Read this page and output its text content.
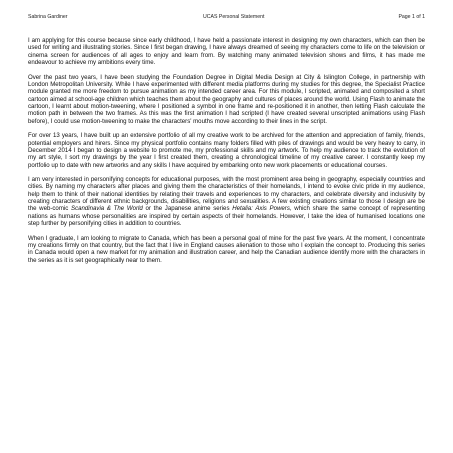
Sabrina Gardiner	UCAS Personal Statement	Page 1 of 1

I am applying for this course because since early childhood, I have held a passionate interest in designing my own characters, which can then be used for writing and illustrating stories. Since I first began drawing, I have always dreamed of seeing my characters come to life on the television or cinema screen for audiences of all ages to enjoy and learn from. By watching many animated television shows and films, it has made me endeavour to achieve my ambitions every time.

Over the past two years, I have been studying the Foundation Degree in Digital Media Design at City & Islington College, in partnership with London Metropolitan University. While I have experimented with different media platforms during my studies for this degree, the Specialist Practice module granted me more freedom to pursue animation as my intended career area. For this module, I scripted, animated and composited a short cartoon aimed at school-age children which teaches them about the geography and cultures of places around the world. Using Flash to animate the cartoon, I learnt about motion-tweening, where I positioned a symbol in one frame and re-positioned it in another, then letting Flash calculate the motion path in between the two frames. As this was the first animation I had scripted (I have created several unscripted animations using Flash before), I could use motion-tweening to make the characters' mouths move according to their lines in the script.

For over 13 years, I have built up an extensive portfolio of all my creative work to be archived for the attention and appreciation of family, friends, potential employers and hirers. Since my physical portfolio contains many folders filled with piles of drawings and would be very heavy to carry, in December 2014 I began to design a website to promote me, my professional skills and my artwork. To help my audience to track the evolution of my art style, I sort my drawings by the year I first created them, creating a chronological timeline of my creative career. I constantly keep my portfolio up to date with new artworks and any skills I have acquired by embarking onto new work placements or educational courses.

I am very interested in personifying concepts for educational purposes, with the most prominent area being in geography, especially countries and cities. By naming my characters after places and giving them the characteristics of their homelands, I intend to evoke civic pride in my audience, help them to think of their national identities by relating their travels and experiences to my characters, and celebrate diversity and inclusivity by creating characters of different ethnic backgrounds, disabilities, religions and sexualities. A few existing creations similar to those I design are be the web-comic Scandinavia & The World or the Japanese anime series Hetalia: Axis Powers, which share the same concept of representing nations as humans whose personalities are inspired by certain aspects of their homelands. However, I take the idea of humanised locations one step further by personifying cities in addition to countries.

When I graduate, I am looking to migrate to Canada, which has been a personal goal of mine for the past five years. At the moment, I concentrate my creations firmly on that country, but the fact that I live in England causes alienation to those who I explain the concept to. Producing this series in Canada would open a new market for my animation and illustration career, and help the Canadian audience identify more with the characters in the series as it is set geographically near to them.
